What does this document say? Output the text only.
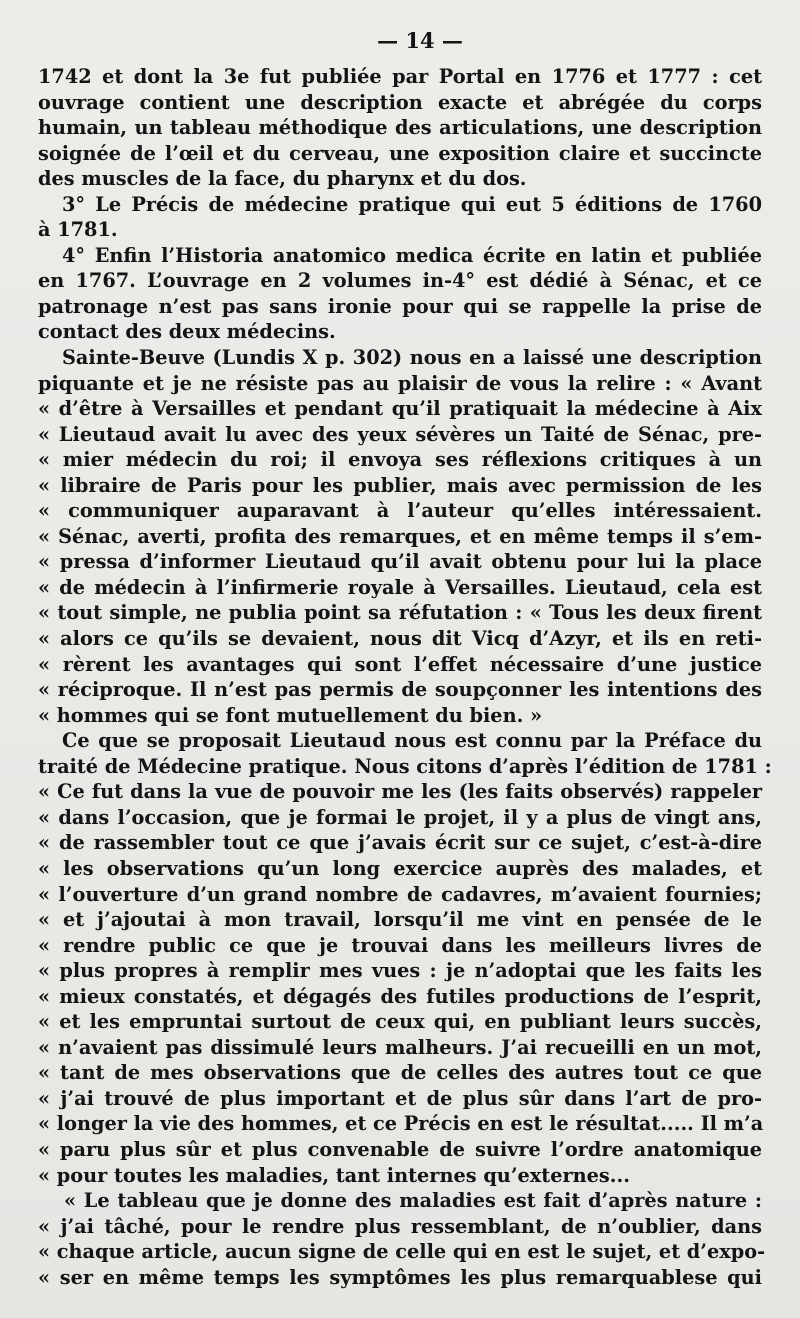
— 14 —
1742 et dont la 3e fut publiée par Portal en 1776 et 1777 : cet
ouvrage contient une description exacte et abrégée du corps
humain, un tableau méthodique des articulations, une description
soignée de l’œil et du cerveau, une exposition claire et succincte
des muscles de la face, du pharynx et du dos.
3° Le Précis de médecine pratique qui eut 5 éditions de 1760
à 1781.
4° Enfin l’Historia anatomico medica écrite en latin et publiée
en 1767. L’ouvrage en 2 volumes in-4° est dédié à Sénac, et ce
patronage n’est pas sans ironie pour qui se rappelle la prise de
contact des deux médecins.
Sainte-Beuve (Lundis X p. 302) nous en a laissé une description
piquante et je ne résiste pas au plaisir de vous la relire : « Avant
« d’être à Versailles et pendant qu’il pratiquait la médecine à Aix
« Lieutaud avait lu avec des yeux sévères un Taité de Sénac, pre-
« mier médecin du roi; il envoya ses réflexions critiques à un
« libraire de Paris pour les publier, mais avec permission de les
« communiquer auparavant à l’auteur qu’elles intéressaient.
« Sénac, averti, profita des remarques, et en même temps il s’em-
« pressa d’informer Lieutaud qu’il avait obtenu pour lui la place
« de médecin à l’infirmerie royale à Versailles. Lieutaud, cela est
« tout simple, ne publia point sa réfutation : « Tous les deux firent
« alors ce qu’ils se devaient, nous dit Vicq d’Azyr, et ils en reti-
« rèrent les avantages qui sont l’effet nécessaire d’une justice
« réciproque. Il n’est pas permis de soupçonner les intentions des
« hommes qui se font mutuellement du bien. »
Ce que se proposait Lieutaud nous est connu par la Préface du
traité de Médecine pratique. Nous citons d’après l’édition de 1781 :
« Ce fut dans la vue de pouvoir me les (les faits observés) rappeler
« dans l’occasion, que je formai le projet, il y a plus de vingt ans,
« de rassembler tout ce que j’avais écrit sur ce sujet, c’est-à-dire
« les observations qu’un long exercice auprès des malades, et
« l’ouverture d’un grand nombre de cadavres, m’avaient fournies;
« et j’ajoutai à mon travail, lorsqu’il me vint en pensée de le
« rendre public ce que je trouvai dans les meilleurs livres de
« plus propres à remplir mes vues : je n’adoptai que les faits les
« mieux constatés, et dégagés des futiles productions de l’esprit,
« et les empruntai surtout de ceux qui, en publiant leurs succès,
« n’avaient pas dissimulé leurs malheurs. J’ai recueilli en un mot,
« tant de mes observations que de celles des autres tout ce que
« j’ai trouvé de plus important et de plus sûr dans l’art de pro-
« longer la vie des hommes, et ce Précis en est le résultat..... Il m’a
« paru plus sûr et plus convenable de suivre l’ordre anatomique
« pour toutes les maladies, tant internes qu’externes...
« Le tableau que je donne des maladies est fait d’après nature :
« j’ai tâché, pour le rendre plus ressemblant, de n’oublier, dans
« chaque article, aucun signe de celle qui en est le sujet, et d’expo-
« ser en même temps les symptômes les plus remarquablese qui
